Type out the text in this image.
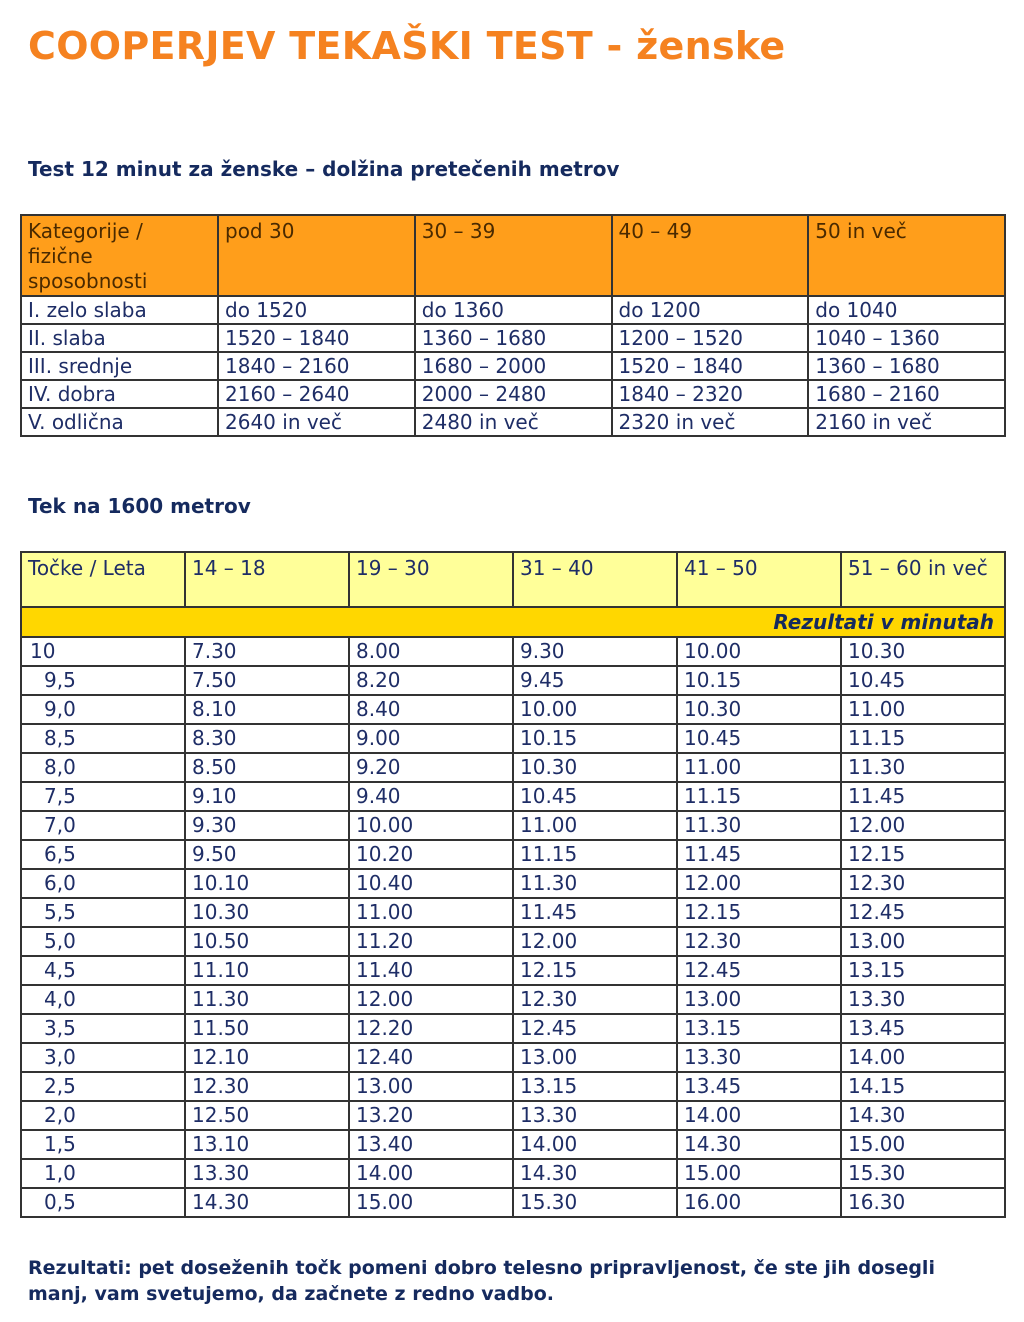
COOPERJEV TEKAŠKI TEST - ženske
Test 12 minut za ženske – dolžina pretečenih metrov
Kategorije / fizične sposobnosti	pod 30	30 – 39	40 – 49	50 in več
I. zelo slaba	do 1520	do 1360	do 1200	do 1040
II. slaba	1520 – 1840	1360 – 1680	1200 – 1520	1040 – 1360
III. srednje	1840 – 2160	1680 – 2000	1520 – 1840	1360 – 1680
IV. dobra	2160 – 2640	2000 – 2480	1840 – 2320	1680 – 2160
V. odlična	2640 in več	2480 in več	2320 in več	2160 in več
Tek na 1600 metrov
Rezultati v minutah					
Točke / Leta	14 – 18	19 – 30	31 – 40	41 – 50	51 – 60 in več
10	7.30	8.00	9.30	10.00	10.30
9,5	7.50	8.20	9.45	10.15	10.45
9,0	8.10	8.40	10.00	10.30	11.00
8,5	8.30	9.00	10.15	10.45	11.15
8,0	8.50	9.20	10.30	11.00	11.30
7,5	9.10	9.40	10.45	11.15	11.45
7,0	9.30	10.00	11.00	11.30	12.00
6,5	9.50	10.20	11.15	11.45	12.15
6,0	10.10	10.40	11.30	12.00	12.30
5,5	10.30	11.00	11.45	12.15	12.45
5,0	10.50	11.20	12.00	12.30	13.00
4,5	11.10	11.40	12.15	12.45	13.15
4,0	11.30	12.00	12.30	13.00	13.30
3,5	11.50	12.20	12.45	13.15	13.45
3,0	12.10	12.40	13.00	13.30	14.00
2,5	12.30	13.00	13.15	13.45	14.15
2,0	12.50	13.20	13.30	14.00	14.30
1,5	13.10	13.40	14.00	14.30	15.00
1,0	13.30	14.00	14.30	15.00	15.30
0,5	14.30	15.00	15.30	16.00	16.30

Rezultati: pet doseženih točk pomeni dobro telesno pripravljenost, če ste jih dosegli manj, vam svetujemo, da začnete z redno vadbo.
